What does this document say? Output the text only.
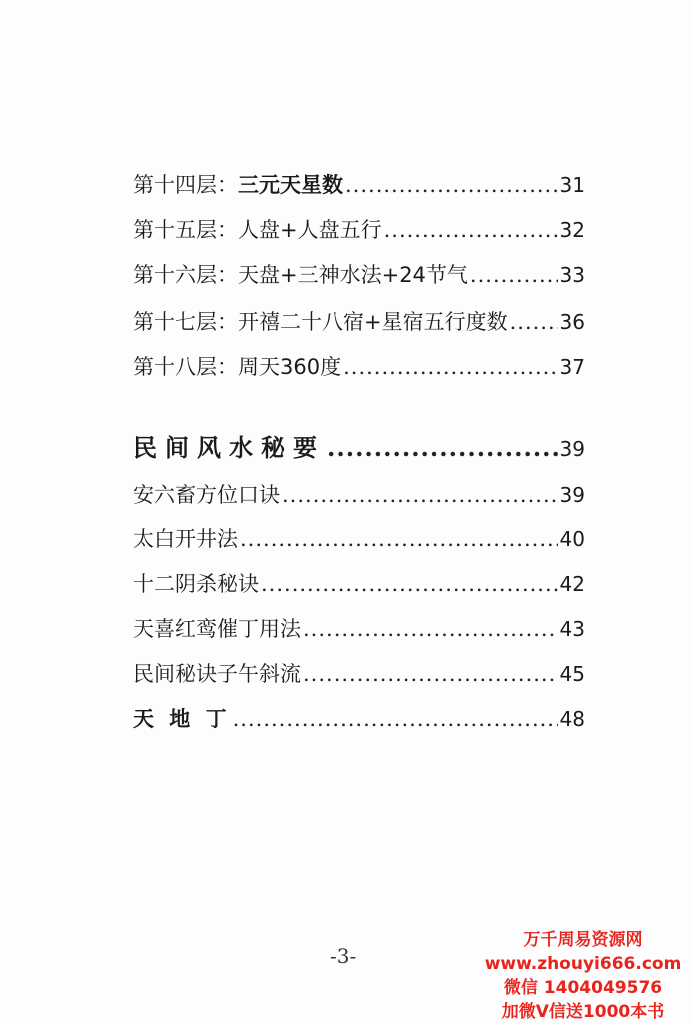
第十四层： 三元天星数 .....	31
第十五层： 人盘+人盘五行 .....	32
第十六层： 天盘+三神水法+24节气 .....	33
第十七层： 开禧二十八宿+星宿五行度数 .....	36
第十八层： 周天360度 .....	37
民间风水秘要 .....	39
安六畜方位口诀 .....	39
太白开井法 .....	40
十二阴杀秘诀 .....	42
天喜红鸾催丁用法 .....	43
民间秘诀子午斜流 .....	45
天 地 丁 .....	48
-3-
万千周易资源网
www.zhouyi666.com
微信 1404049576
加微V信送1000本书
